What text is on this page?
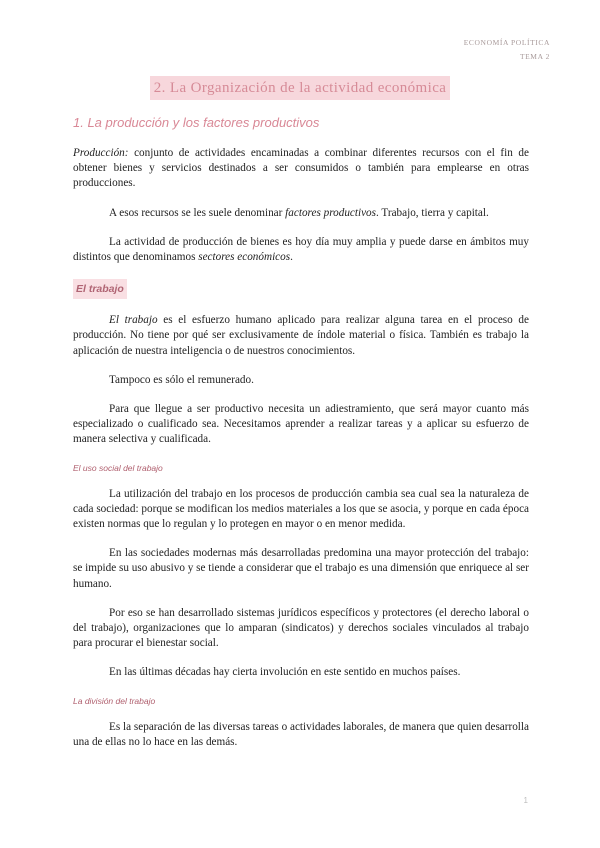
ECONOMÍA POLÍTICA
TEMA 2
2. La Organización de la actividad económica
1. La producción y los factores productivos

Producción: conjunto de actividades encaminadas a combinar diferentes recursos con el fin de obtener bienes y servicios destinados a ser consumidos o también para emplearse en otras producciones.

A esos recursos se les suele denominar factores productivos. Trabajo, tierra y capital.

La actividad de producción de bienes es hoy día muy amplia y puede darse en ámbitos muy distintos que denominamos sectores económicos.

El trabajo

El trabajo es el esfuerzo humano aplicado para realizar alguna tarea en el proceso de producción. No tiene por qué ser exclusivamente de índole material o física. También es trabajo la aplicación de nuestra inteligencia o de nuestros conocimientos.

Tampoco es sólo el remunerado.

Para que llegue a ser productivo necesita un adiestramiento, que será mayor cuanto más especializado o cualificado sea. Necesitamos aprender a realizar tareas y a aplicar su esfuerzo de manera selectiva y cualificada.

El uso social del trabajo

La utilización del trabajo en los procesos de producción cambia sea cual sea la naturaleza de cada sociedad: porque se modifican los medios materiales a los que se asocia, y porque en cada época existen normas que lo regulan y lo protegen en mayor o en menor medida.

En las sociedades modernas más desarrolladas predomina una mayor protección del trabajo: se impide su uso abusivo y se tiende a considerar que el trabajo es una dimensión que enriquece al ser humano.

Por eso se han desarrollado sistemas jurídicos específicos y protectores (el derecho laboral o del trabajo), organizaciones que lo amparan (sindicatos) y derechos sociales vinculados al trabajo para procurar el bienestar social.

En las últimas décadas hay cierta involución en este sentido en muchos países.

La división del trabajo

Es la separación de las diversas tareas o actividades laborales, de manera que quien desarrolla una de ellas no lo hace en las demás.

1
